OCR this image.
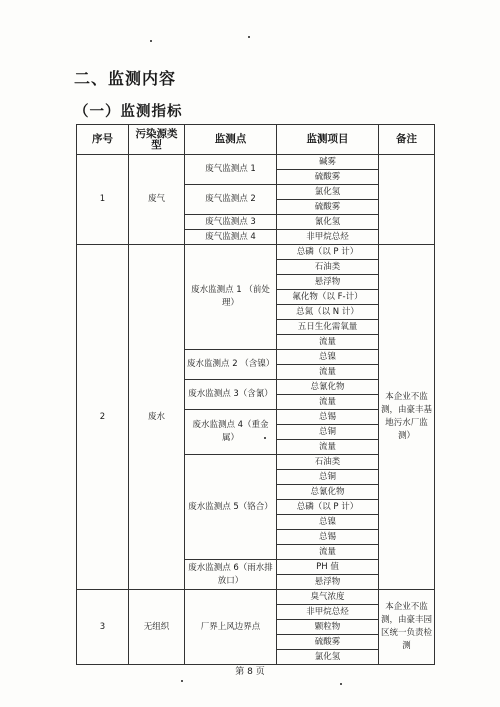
二、监测内容
（一）监测指标
序号	污染源类型	监测点	监测项目	备注
1	废气	废气监测点 1	碱雾	
			硫酸雾	
		废气监测点 2	氯化氢	
			硫酸雾	
		废气监测点 3	氰化氢	
		废气监测点 4	非甲烷总烃	
2	废水	废水监测点 1 （前处理）	总磷（以 P 计）	本企业不监测，由豪丰基地污水厂监测）
			石油类	
			悬浮物	
			氟化物（以 F-计）	
			总氮（以 N 计）	
			五日生化需氧量	
			流量	
		废水监测点 2 （含镍）	总镍	
			流量	
		废水监测点 3（含氰）	总氰化物	
			流量	
		废水监测点 4（重金属）	总锡	
			总铜	
			流量	
		废水监测点 5（铬合）	石油类	
			总铜	
			总氰化物	
			总磷（以 P 计）	
			总镍	
			总锡	
			流量	
		废水监测点 6（雨水排放口）	PH 值	
			悬浮物	
3	无组织	厂界上风边界点	臭气浓度	本企业不监测，由豪丰园区统一负责检测
			非甲烷总烃	
			颗粒物	
			硫酸雾	
			氯化氢	
第 8 页
